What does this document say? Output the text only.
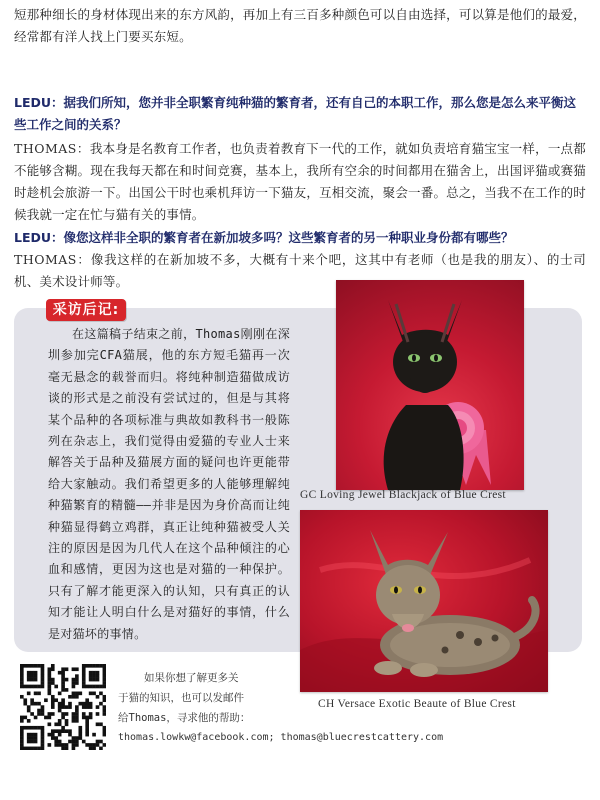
短那种细长的身材体现出来的东方风韵，再加上有三百多种颜色可以自由选择，可以算是他们的最爱，经常都有洋人找上门要买东短。
LEDU：据我们所知，您并非全职繁育纯种猫的繁育者，还有自己的本职工作，那么您是怎么来平衡这些工作之间的关系？
THOMAS：我本身是名教育工作者，也负责着教育下一代的工作，就如负责培育猫宝宝一样，一点都不能够含糊。现在我每天都在和时间竞赛，基本上，我所有空余的时间都用在猫舍上，出国评猫或赛猫时趁机会旅游一下。出国公干时也乘机拜访一下猫友，互相交流，聚会一番。总之，当我不在工作的时候我就一定在忙与猫有关的事情。
LEDU：像您这样非全职的繁育者在新加坡多吗？这些繁育者的另一种职业身份都有哪些？
THOMAS：像我这样的在新加坡不多，大概有十来个吧，这其中有老师（也是我的朋友）、的士司机、美术设计师等。
采访后记:
在这篇稿子结束之前，Thomas刚刚在深圳参加完CFA猫展，他的东方短毛猫再一次毫无悬念的载誉而归。将纯种制造猫做成访谈的形式是之前没有尝试过的，但是与其将某个品种的各项标准与典故如教科书一般陈列在杂志上，我们觉得由爱猫的专业人士来解答关于品种及猫展方面的疑问也许更能带给大家触动。我们希望更多的人能够理解纯种猫繁育的精髓——并非是因为身价高而让纯种猫显得鹤立鸡群，真正让纯种猫被受人关注的原因是因为几代人在这个品种倾注的心血和感情，更因为这也是对猫的一种保护。只有了解才能更深入的认知，只有真正的认知才能让人明白什么是对猫好的事情，什么是对猫坏的事情。
GC Loving Jewel Blackjack of Blue Crest
CH Versace Exotic Beaute of Blue Crest
如果你想了解更多关
于猫的知识，也可以发邮件
给Thomas，寻求他的帮助：
thomas.lowkw@facebook.com; thomas@bluecrestcattery.com
